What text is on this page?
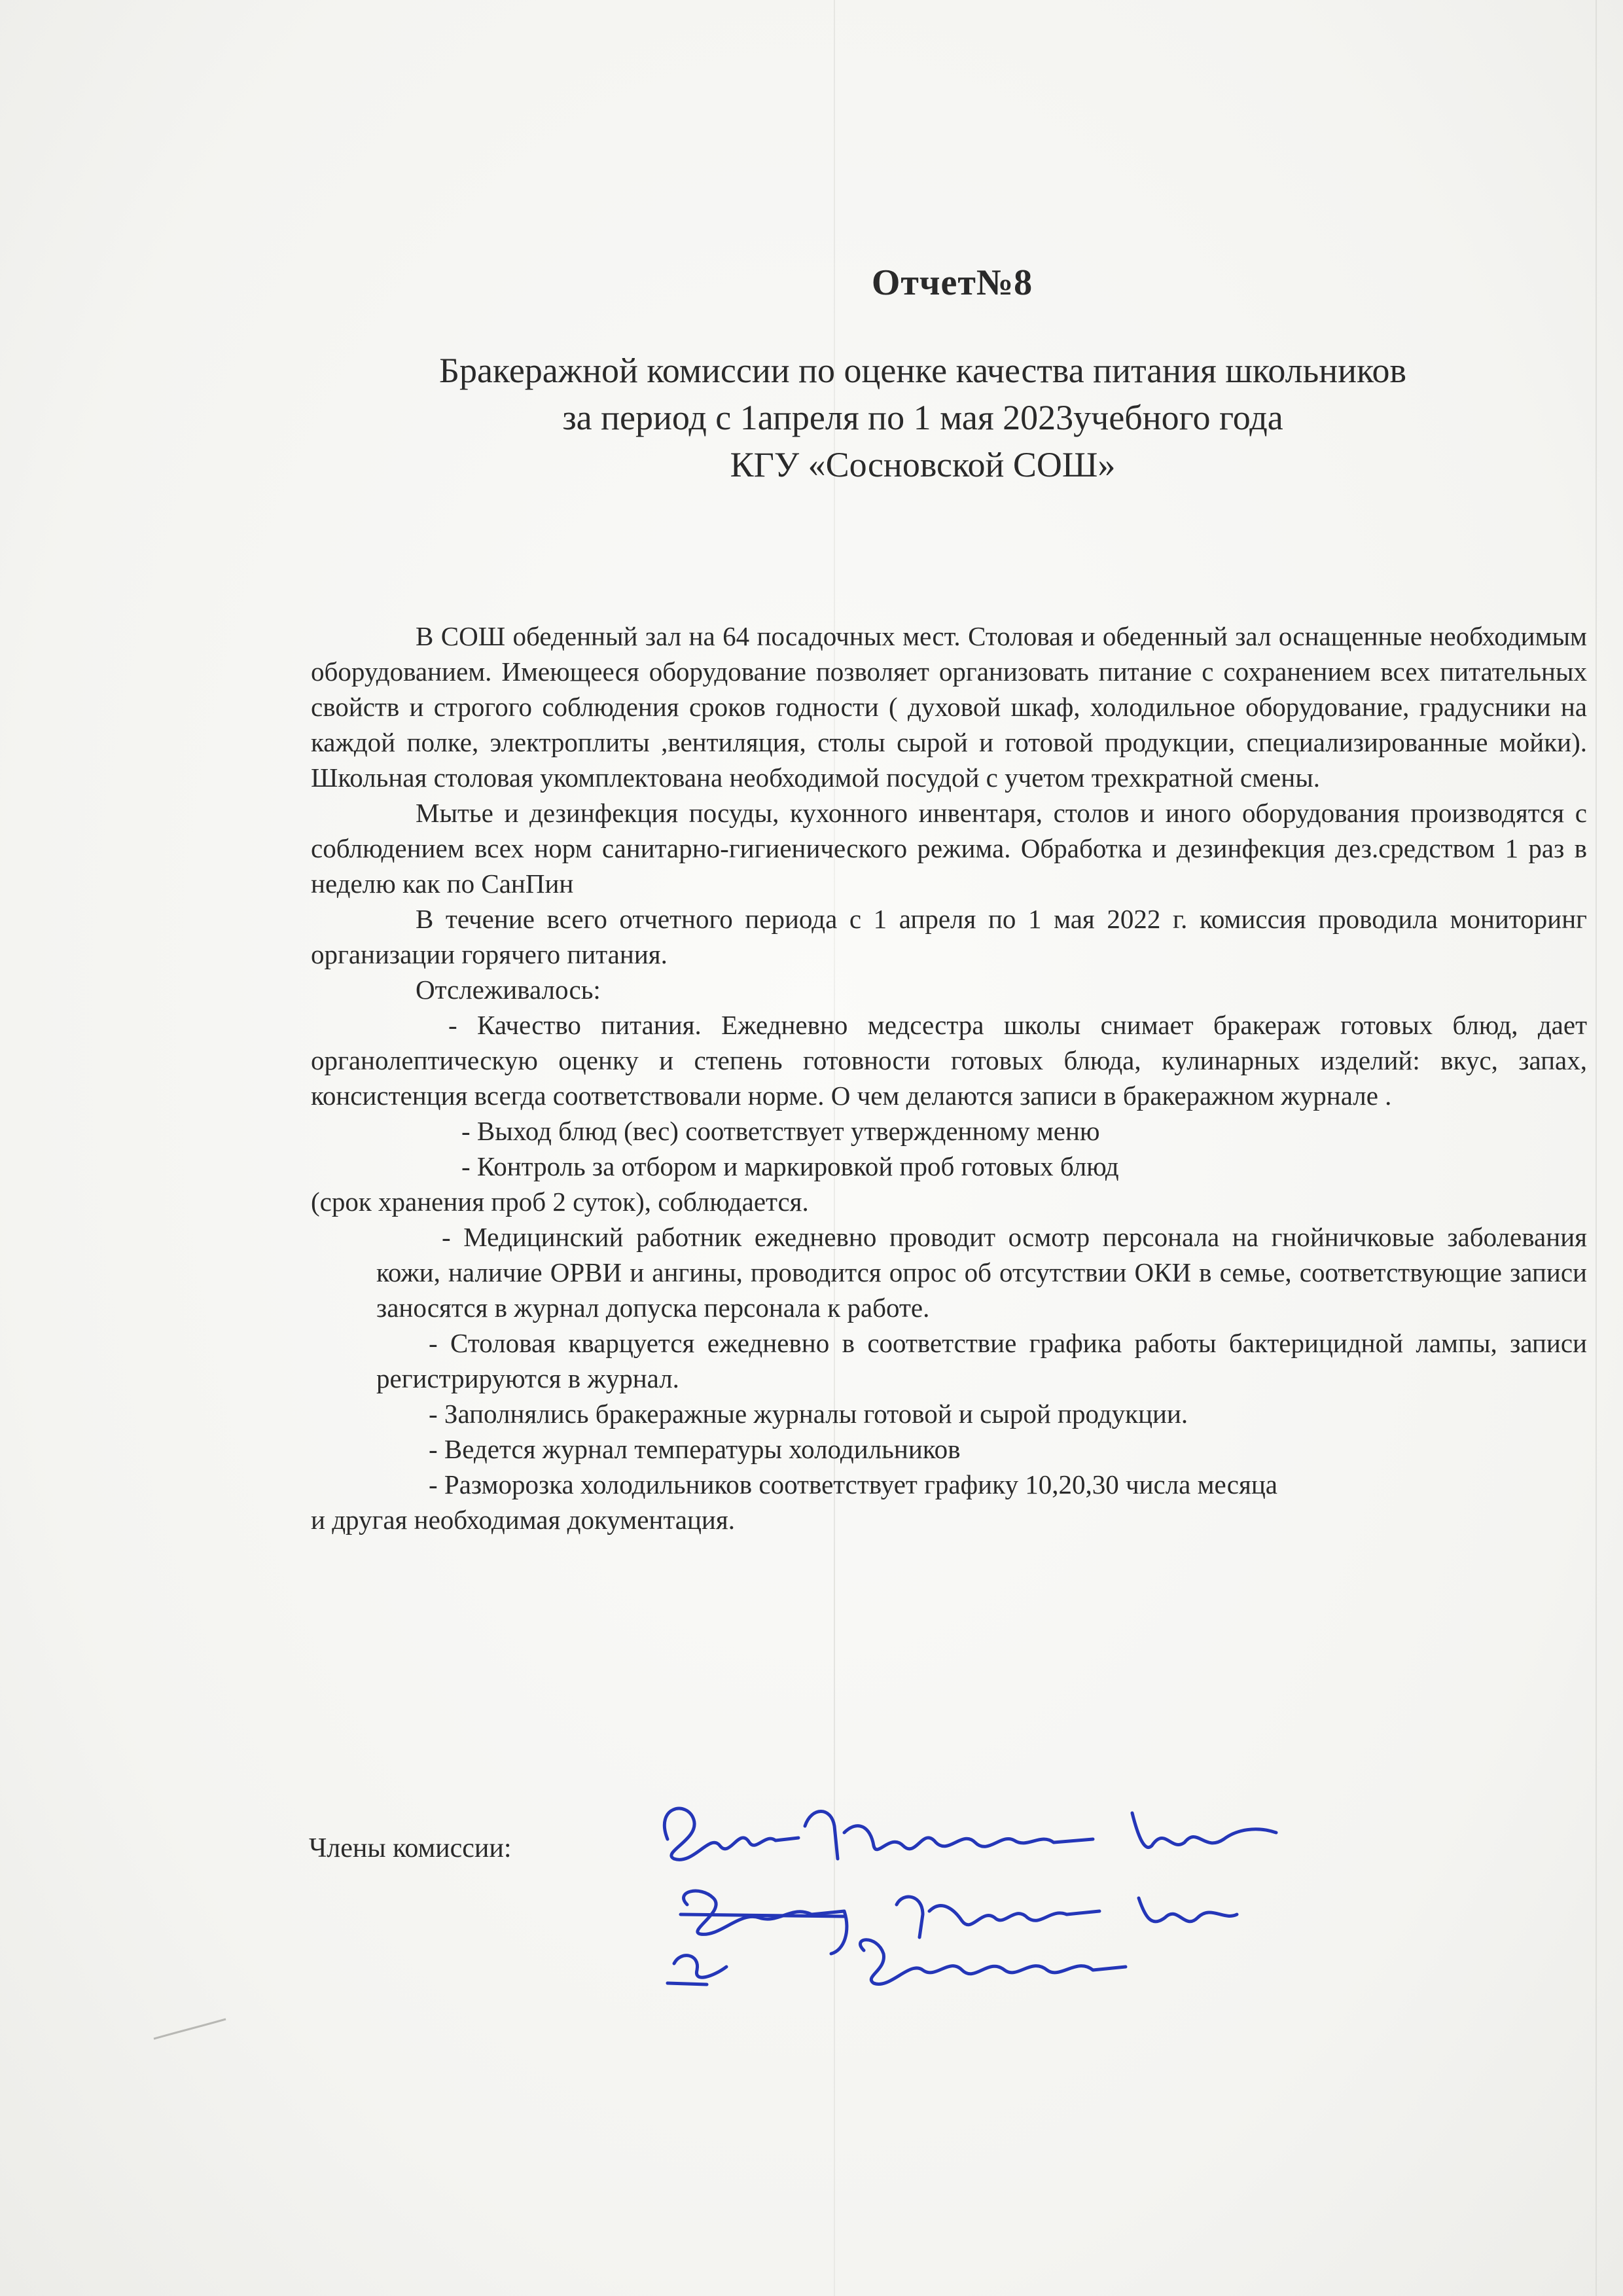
Отчет№8
Бракеражной комиссии по оценке качества питания школьников
за период с 1апреля по 1 мая 2023учебного года
КГУ «Сосновской СОШ»

В СОШ обеденный зал на 64 посадочных мест. Столовая и обеденный зал оснащенные необходимым оборудованием. Имеющееся оборудование позволяет организовать питание с сохранением всех питательных свойств и строгого соблюдения сроков годности ( духовой шкаф, холодильное оборудование, градусники на каждой полке, электроплиты ,вентиляция, столы сырой и готовой продукции, специализированные мойки). Школьная столовая укомплектована необходимой посудой с учетом трехкратной смены.

Мытье и дезинфекция посуды, кухонного инвентаря, столов и иного оборудования производятся с соблюдением всех норм санитарно-гигиенического режима. Обработка и дезинфекция дез.средством 1 раз в неделю как по СанПин

В течение всего отчетного периода с 1 апреля по 1 мая 2022 г. комиссия проводила мониторинг организации горячего питания.

Отслеживалось:

- Качество питания. Ежедневно медсестра школы снимает бракераж готовых блюд, дает органолептическую оценку и степень готовности готовых блюда, кулинарных изделий: вкус, запах, консистенция всегда соответствовали норме. О чем делаются записи в бракеражном журнале .

- Выход блюд (вес) соответствует утвержденному меню

- Контроль за отбором и маркировкой проб готовых блюд

(срок хранения проб 2 суток), соблюдается.

- Медицинский работник ежедневно проводит осмотр персонала на гнойничковые заболевания кожи, наличие ОРВИ и ангины, проводится опрос об отсутствии ОКИ в семье, соответствующие записи заносятся в журнал допуска персонала к работе.

- Столовая кварцуется ежедневно в соответствие графика работы бактерицидной лампы, записи регистрируются в журнал.

- Заполнялись бракеражные журналы готовой и сырой продукции.

- Ведется журнал температуры холодильников

- Разморозка холодильников соответствует графику 10,20,30 числа месяца

и другая необходимая документация.

Члены комиссии:
